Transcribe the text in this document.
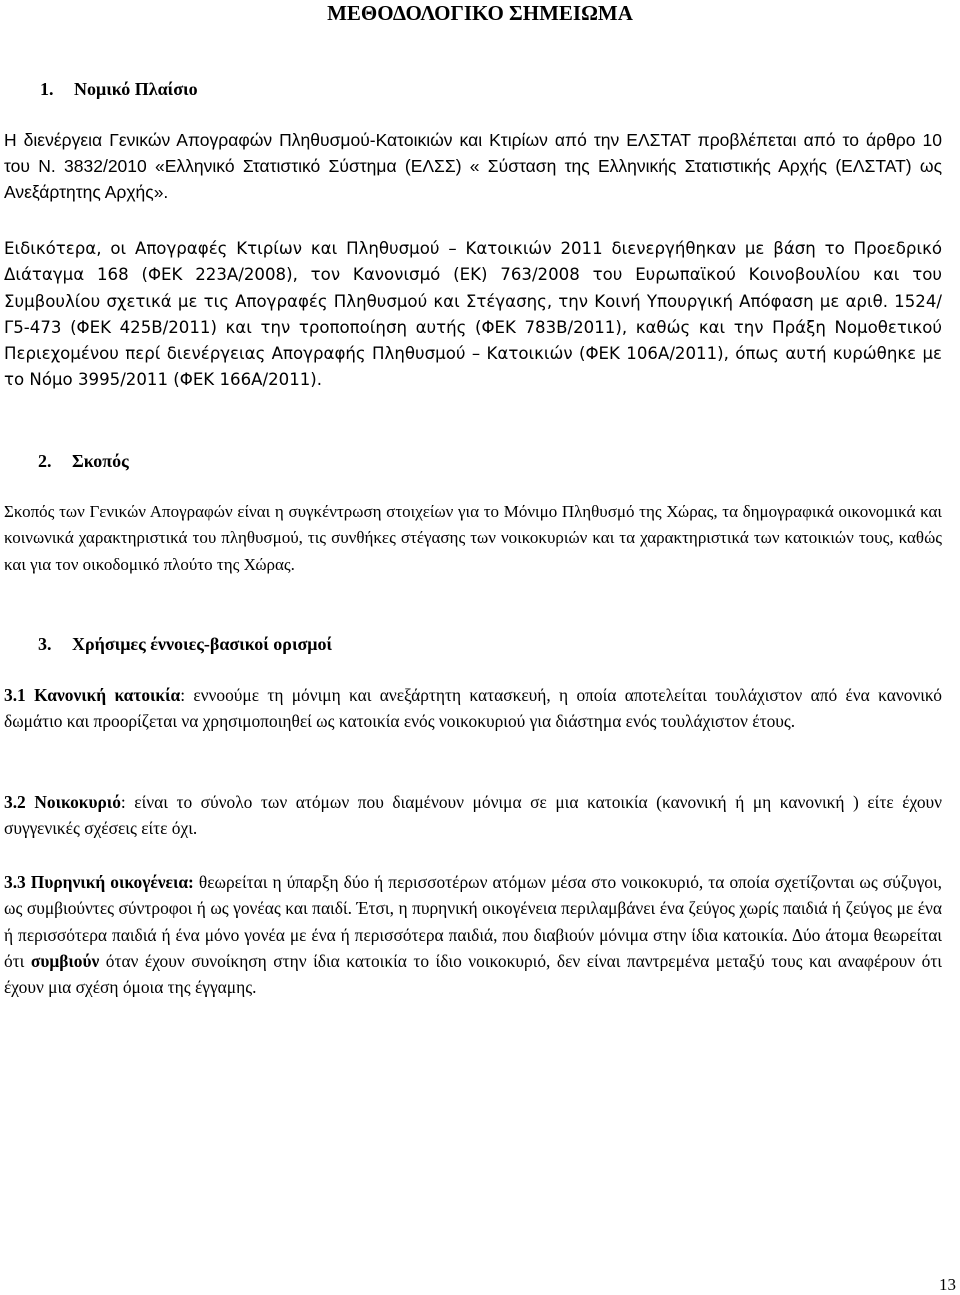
ΜΕΘΟΔΟΛΟΓΙΚΟ ΣΗΜΕΙΩΜΑ
1. Νομικό Πλαίσιο

Η διενέργεια Γενικών Απογραφών Πληθυσμού-Κατοικιών και Κτιρίων από την ΕΛΣΤΑΤ προβλέπεται από το άρθρο 10 του Ν. 3832/2010 «Ελληνικό Στατιστικό Σύστημα (ΕΛΣΣ) « Σύσταση της Ελληνικής Στατιστικής Αρχής (ΕΛΣΤΑΤ) ως Ανεξάρτητης Αρχής».

Ειδικότερα, οι Απογραφές Κτιρίων και Πληθυσμού – Κατοικιών 2011 διενεργήθηκαν με βάση το Προεδρικό Διάταγμα 168 (ΦΕΚ 223Α/2008), τον Κανονισμό (ΕΚ) 763/2008 του Ευρωπαϊκού Κοινοβουλίου και του Συμβουλίου σχετικά με τις Απογραφές Πληθυσμού και Στέγασης, την Κοινή Υπουργική Απόφαση με αριθ. 1524/Γ5-473 (ΦΕΚ 425Β/2011) και την τροποποίηση αυτής (ΦΕΚ 783Β/2011), καθώς και την Πράξη Νομοθετικού Περιεχομένου περί διενέργειας Απογραφής Πληθυσμού – Κατοικιών (ΦΕΚ 106Α/2011), όπως αυτή κυρώθηκε με το Νόμο 3995/2011 (ΦΕΚ 166Α/2011).

2. Σκοπός

Σκοπός των Γενικών Απογραφών είναι η συγκέντρωση στοιχείων για το Μόνιμο Πληθυσμό της Χώρας, τα δημογραφικά οικονομικά και κοινωνικά χαρακτηριστικά του πληθυσμού, τις συνθήκες στέγασης των νοικοκυριών και τα χαρακτηριστικά των κατοικιών τους, καθώς και για τον οικοδομικό πλούτο της Χώρας.

3. Χρήσιμες έννοιες-βασικοί ορισμοί

3.1 Κανονική κατοικία: εννοούμε τη μόνιμη και ανεξάρτητη κατασκευή, η οποία αποτελείται τουλάχιστον από ένα κανονικό δωμάτιο και προορίζεται να χρησιμοποιηθεί ως κατοικία ενός νοικοκυριού για διάστημα ενός τουλάχιστον έτους.

3.2 Νοικοκυριό: είναι το σύνολο των ατόμων που διαμένουν μόνιμα σε μια κατοικία (κανονική ή μη κανονική ) είτε έχουν συγγενικές σχέσεις είτε όχι.

3.3 Πυρηνική οικογένεια: θεωρείται η ύπαρξη δύο ή περισσοτέρων ατόμων μέσα στο νοικοκυριό, τα οποία σχετίζονται ως σύζυγοι, ως συμβιούντες σύντροφοι ή ως γονέας και παιδί. Έτσι, η πυρηνική οικογένεια περιλαμβάνει ένα ζεύγος χωρίς παιδιά ή ζεύγος με ένα ή περισσότερα παιδιά ή ένα μόνο γονέα με ένα ή περισσότερα παιδιά, που διαβιούν μόνιμα στην ίδια κατοικία. Δύο άτομα θεωρείται ότι συμβιούν όταν έχουν συνοίκηση στην ίδια κατοικία το ίδιο νοικοκυριό, δεν είναι παντρεμένα μεταξύ τους και αναφέρουν ότι έχουν μια σχέση όμοια της έγγαμης.

13
